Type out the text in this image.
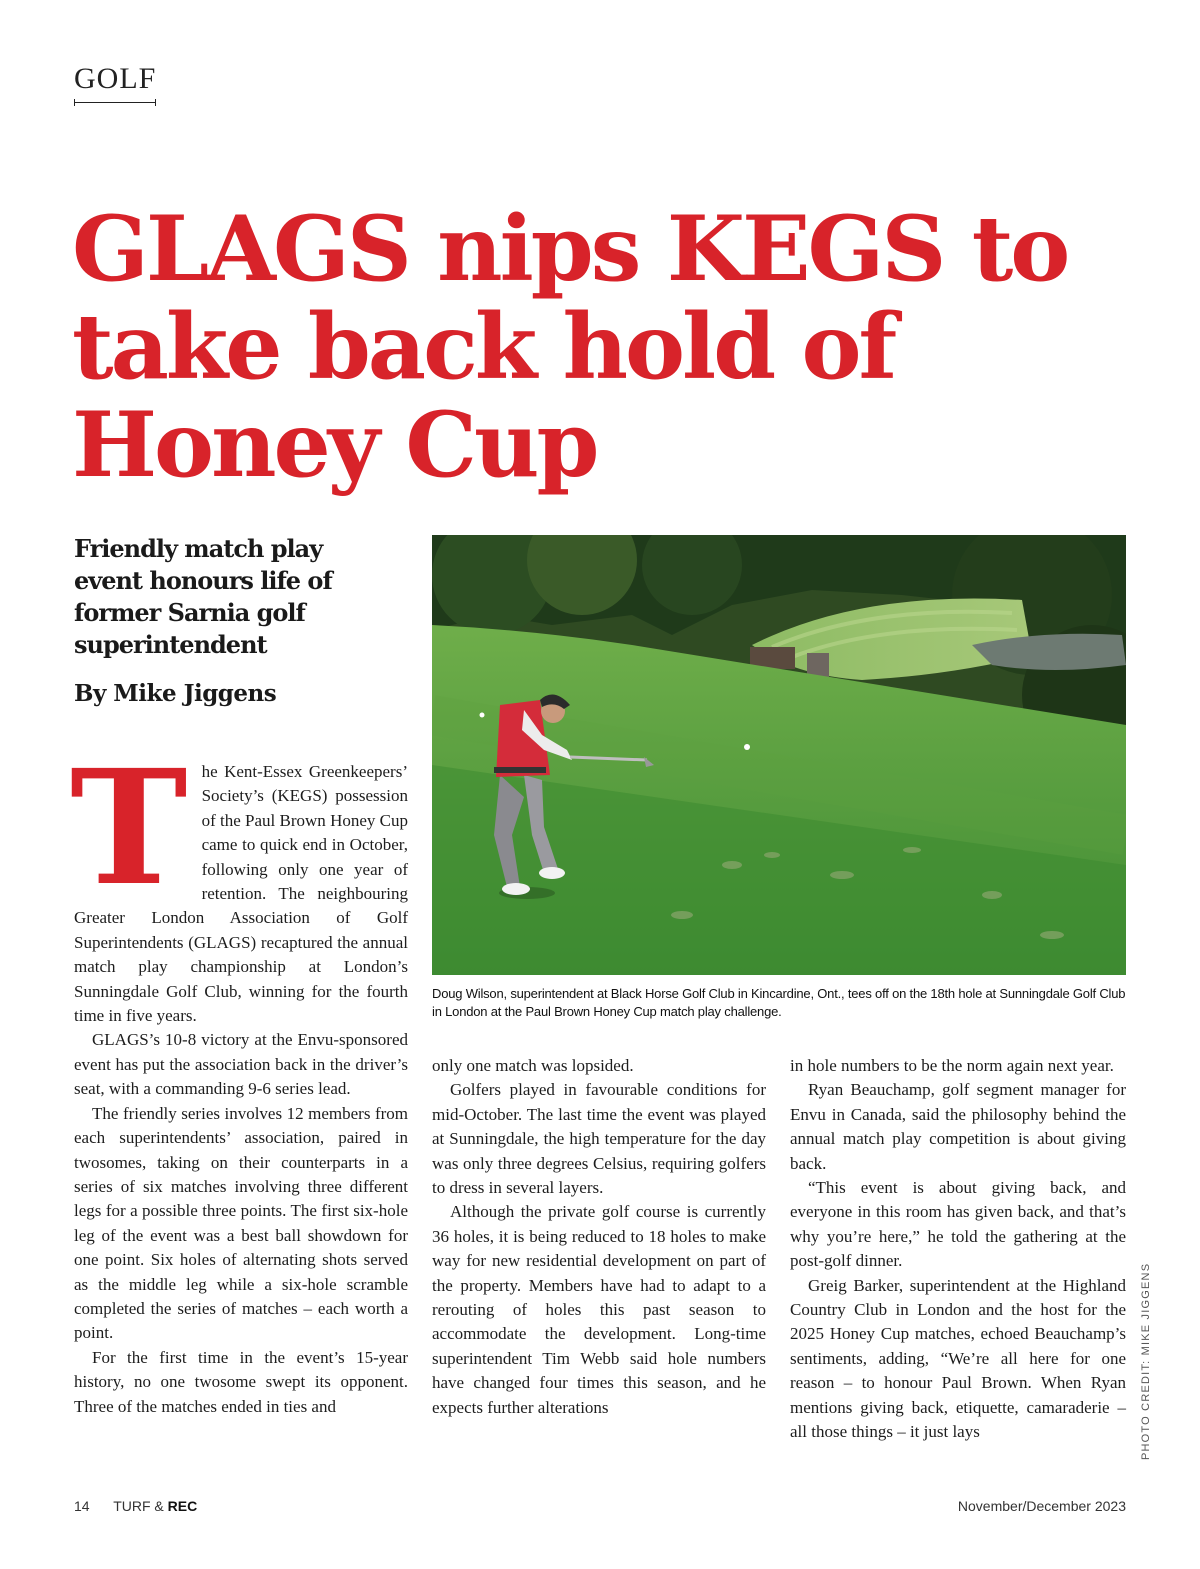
GOLF
GLAGS nips KEGS to take back hold of Honey Cup
Friendly match play event honours life of former Sarnia golf superintendent
By Mike Jiggens

Doug Wilson, superintendent at Black Horse Golf Club in Kincardine, Ont., tees off on the 18th hole at Sunningdale Golf Club in London at the Paul Brown Honey Cup match play challenge.

T he Kent-Essex Greenkeepers’ Society’s (KEGS) possession of the Paul Brown Honey Cup came to quick end in October, following only one year of retention. The neighbouring Greater London Association of Golf Superintendents (GLAGS) recaptured the annual match play championship at London’s Sunningdale Golf Club, winning for the fourth time in five years.

GLAGS’s 10-8 victory at the Envu-sponsored event has put the association back in the driver’s seat, with a commanding 9-6 series lead.

The friendly series involves 12 members from each superintendents’ association, paired in twosomes, taking on their counterparts in a series of six matches involving three different legs for a possible three points. The first six-hole leg of the event was a best ball showdown for one point. Six holes of alternating shots served as the middle leg while a six-hole scramble completed the series of matches – each worth a point.

For the first time in the event’s 15-year history, no one twosome swept its opponent. Three of the matches ended in ties and

only one match was lopsided.

Golfers played in favourable conditions for mid-October. The last time the event was played at Sunningdale, the high temperature for the day was only three degrees Celsius, requiring golfers to dress in several layers.

Although the private golf course is currently 36 holes, it is being reduced to 18 holes to make way for new residential development on part of the property. Members have had to adapt to a rerouting of holes this past season to accommodate the development. Long-time superintendent Tim Webb said hole numbers have changed four times this season, and he expects further alterations

in hole numbers to be the norm again next year.

Ryan Beauchamp, golf segment manager for Envu in Canada, said the philosophy behind the annual match play competition is about giving back.

“This event is about giving back, and everyone in this room has given back, and that’s why you’re here,” he told the gathering at the post-golf dinner.

Greig Barker, superintendent at the Highland Country Club in London and the host for the 2025 Honey Cup matches, echoed Beauchamp’s sentiments, adding, “We’re all here for one reason – to honour Paul Brown. When Ryan mentions giving back, etiquette, camaraderie – all those things – it just lays	PHOTO CREDIT: MIKE JIGGENS
14 TURF & REC	November/December 2023
